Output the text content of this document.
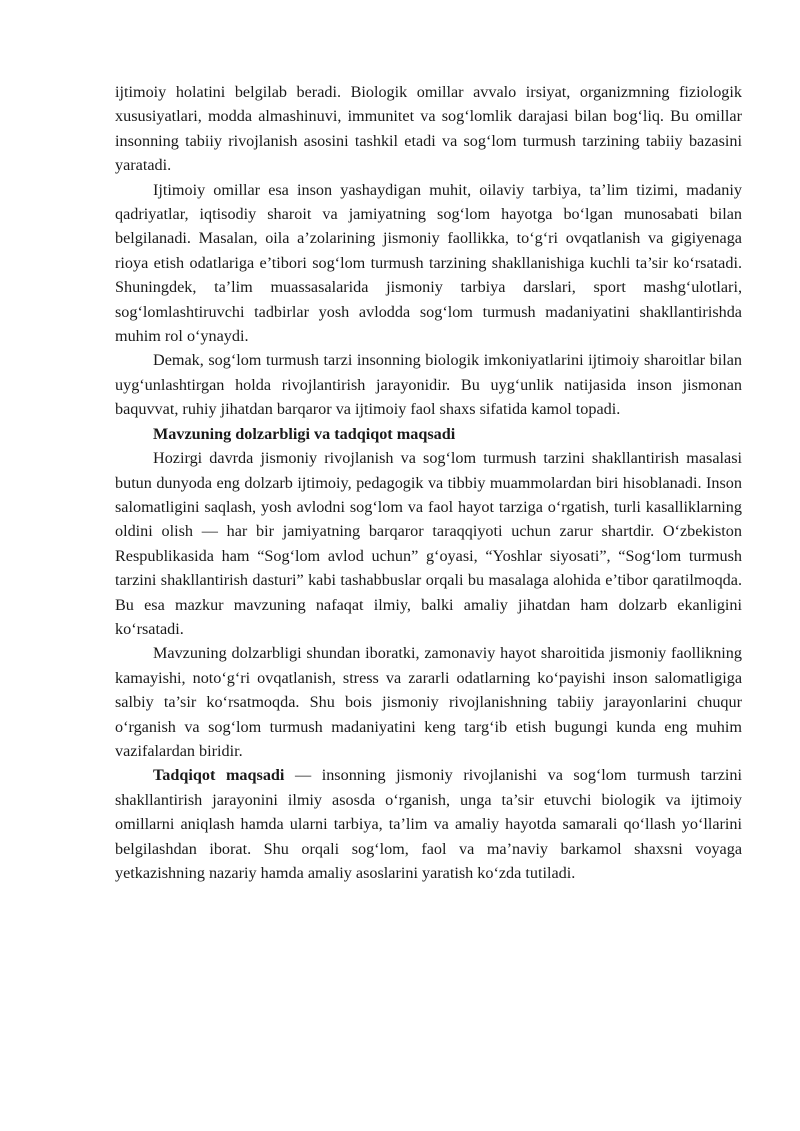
ijtimoiy holatini belgilab beradi. Biologik omillar avvalo irsiyat, organizmning fiziologik xususiyatlari, modda almashinuvi, immunitet va sog‘lomlik darajasi bilan bog‘liq. Bu omillar insonning tabiiy rivojlanish asosini tashkil etadi va sog‘lom turmush tarzining tabiiy bazasini yaratadi.

Ijtimoiy omillar esa inson yashaydigan muhit, oilaviy tarbiya, ta’lim tizimi, madaniy qadriyatlar, iqtisodiy sharoit va jamiyatning sog‘lom hayotga bo‘lgan munosabati bilan belgilanadi. Masalan, oila a’zolarining jismoniy faollikka, to‘g‘ri ovqatlanish va gigiyenaga rioya etish odatlariga e’tibori sog‘lom turmush tarzining shakllanishiga kuchli ta’sir ko‘rsatadi. Shuningdek, ta’lim muassasalarida jismoniy tarbiya darslari, sport mashg‘ulotlari, sog‘lomlashtiruvchi tadbirlar yosh avlodda sog‘lom turmush madaniyatini shakllantirishda muhim rol o‘ynaydi.

Demak, sog‘lom turmush tarzi insonning biologik imkoniyatlarini ijtimoiy sharoitlar bilan uyg‘unlashtirgan holda rivojlantirish jarayonidir. Bu uyg‘unlik natijasida inson jismonan baquvvat, ruhiy jihatdan barqaror va ijtimoiy faol shaxs sifatida kamol topadi.

Mavzuning dolzarbligi va tadqiqot maqsadi

Hozirgi davrda jismoniy rivojlanish va sog‘lom turmush tarzini shakllantirish masalasi butun dunyoda eng dolzarb ijtimoiy, pedagogik va tibbiy muammolardan biri hisoblanadi. Inson salomatligini saqlash, yosh avlodni sog‘lom va faol hayot tarziga o‘rgatish, turli kasalliklarning oldini olish — har bir jamiyatning barqaror taraqqiyoti uchun zarur shartdir. O‘zbekiston Respublikasida ham “Sog‘lom avlod uchun” g‘oyasi, “Yoshlar siyosati”, “Sog‘lom turmush tarzini shakllantirish dasturi” kabi tashabbuslar orqali bu masalaga alohida e’tibor qaratilmoqda. Bu esa mazkur mavzuning nafaqat ilmiy, balki amaliy jihatdan ham dolzarb ekanligini ko‘rsatadi.

Mavzuning dolzarbligi shundan iboratki, zamonaviy hayot sharoitida jismoniy faollikning kamayishi, noto‘g‘ri ovqatlanish, stress va zararli odatlarning ko‘payishi inson salomatligiga salbiy ta’sir ko‘rsatmoqda. Shu bois jismoniy rivojlanishning tabiiy jarayonlarini chuqur o‘rganish va sog‘lom turmush madaniyatini keng targ‘ib etish bugungi kunda eng muhim vazifalardan biridir.

Tadqiqot maqsadi — insonning jismoniy rivojlanishi va sog‘lom turmush tarzini shakllantirish jarayonini ilmiy asosda o‘rganish, unga ta’sir etuvchi biologik va ijtimoiy omillarni aniqlash hamda ularni tarbiya, ta’lim va amaliy hayotda samarali qo‘llash yo‘llarini belgilashdan iborat. Shu orqali sog‘lom, faol va ma’naviy barkamol shaxsni voyaga yetkazishning nazariy hamda amaliy asoslarini yaratish ko‘zda tutiladi.
